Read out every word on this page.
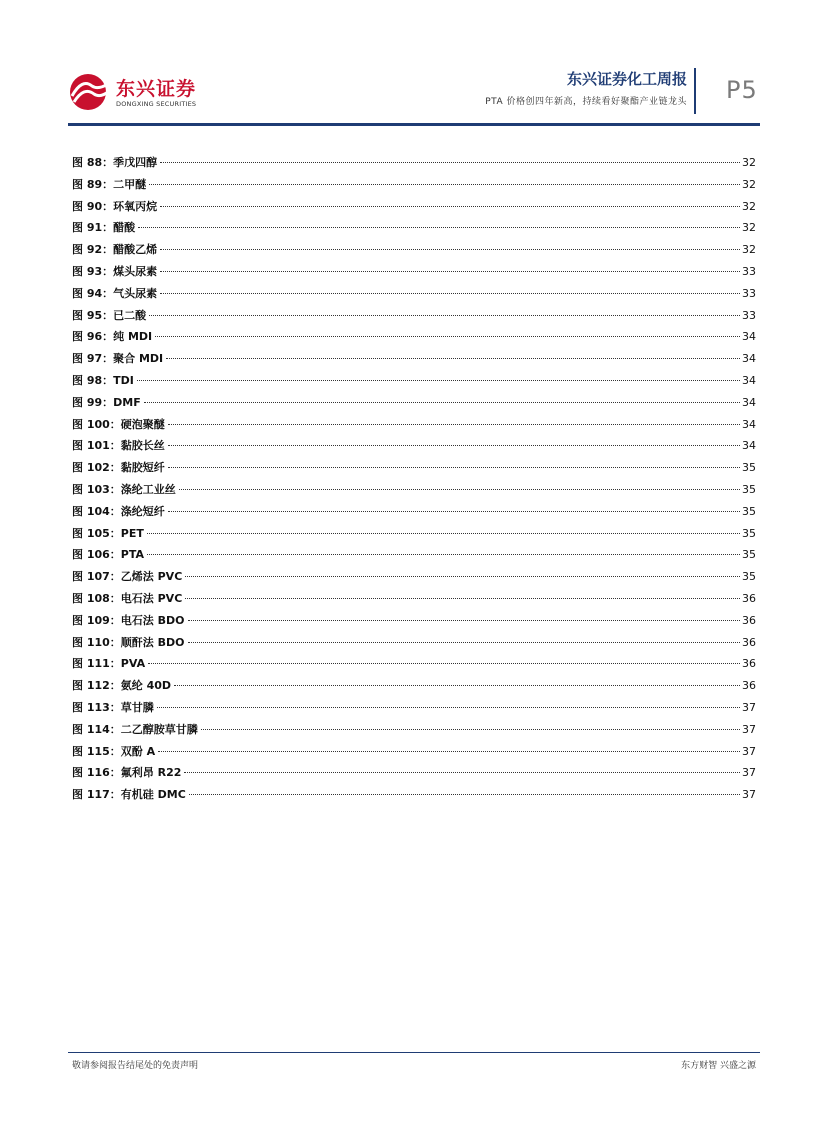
东兴证券
DONGXING SECURITIES
东兴证券化工周报
PTA 价格创四年新高，持续看好聚酯产业链龙头 P5
图 88：季戊四醇	32
图 89：二甲醚	32
图 90：环氧丙烷	32
图 91：醋酸	32
图 92：醋酸乙烯	32
图 93：煤头尿素	33
图 94：气头尿素	33
图 95：已二酸	33
图 96：纯 MDI	34
图 97：聚合 MDI	34
图 98：TDI	34
图 99：DMF	34
图 100：硬泡聚醚	34
图 101：黏胶长丝	34
图 102：黏胶短纤	35
图 103：涤纶工业丝	35
图 104：涤纶短纤	35
图 105：PET	35
图 106：PTA	35
图 107：乙烯法 PVC	35
图 108：电石法 PVC	36
图 109：电石法 BDO	36
图 110：顺酐法 BDO	36
图 111：PVA	36
图 112：氨纶 40D	36
图 113：草甘膦	37
图 114：二乙醇胺草甘膦	37
图 115：双酚 A	37
图 116：氟利昂 R22	37
图 117：有机硅 DMC	37
敬请参阅报告结尾处的免责声明	东方财智 兴盛之源
